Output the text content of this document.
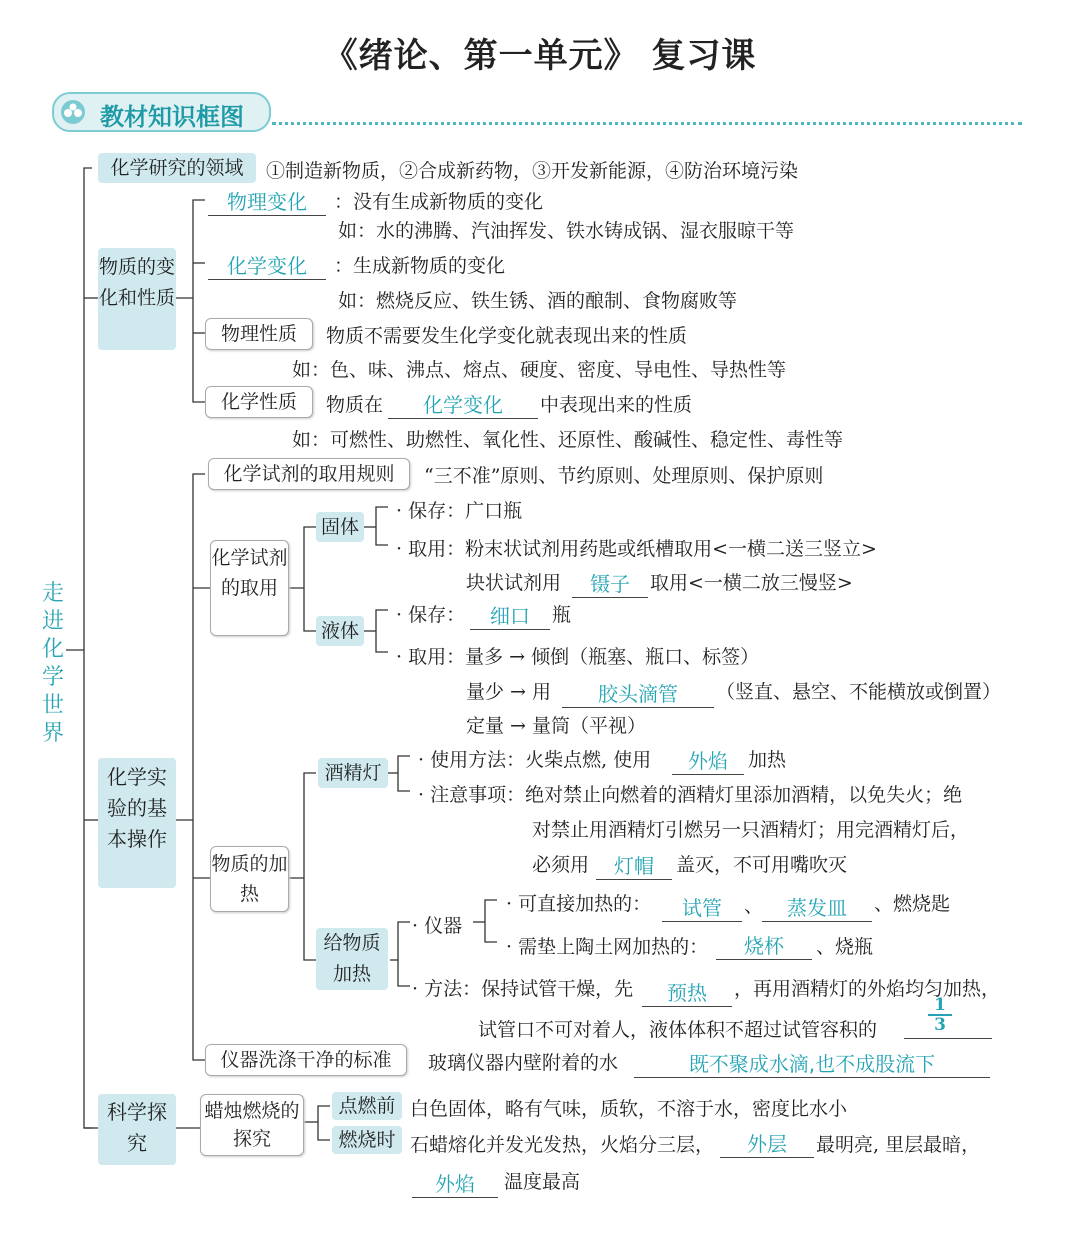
《绪论、第一单元》 复习课
教材知识框图
走进化学世界
化学研究的领域	①制造新物质，②合成新药物，③开发新能源，④防治环境污染
物质的变化和性质
物理变化	：没有生成新物质的变化
如：水的沸腾、汽油挥发、铁水铸成锅、湿衣服晾干等
化学变化	：生成新物质的变化
如：燃烧反应、铁生锈、酒的酿制、食物腐败等
物理性质	物质不需要发生化学变化就表现出来的性质
如：色、味、沸点、熔点、硬度、密度、导电性、导热性等
化学性质	物质在	化学变化	中表现出来的性质
如：可燃性、助燃性、氧化性、还原性、酸碱性、稳定性、毒性等
化学实验的基本操作
化学试剂的取用规则	“三不准”原则、节约原则、处理原则、保护原则
化学试剂的取用
固体
· 保存：广口瓶
· 取用：粉末状试剂用药匙或纸槽取用<一横二送三竖立>
块状试剂用	镊子	取用<一横二放三慢竖>
液体
· 保存：	细口	瓶
· 取用：量多 → 倾倒（瓶塞、瓶口、标签）
量少 → 用	胶头滴管	（竖直、悬空、不能横放或倒置）
定量 → 量筒（平视）
物质的加热
酒精灯
· 使用方法：火柴点燃, 使用	外焰	加热
· 注意事项：绝对禁止向燃着的酒精灯里添加酒精，以免失火；绝
对禁止用酒精灯引燃另一只酒精灯；用完酒精灯后，
必须用	灯帽	盖灭，不可用嘴吹灭
给物质加热
· 仪器
· 可直接加热的：	试管	、	蒸发皿	、燃烧匙
· 需垫上陶土网加热的：	烧杯	、烧瓶
· 方法：保持试管干燥，先	预热	，再用酒精灯的外焰均匀加热，
试管口不可对着人，液体体积不超过试管容积的 $\frac{1}{3}$
仪器洗涤干净的标准	玻璃仪器内壁附着的水	既不聚成水滴,也不成股流下
科学探究
蜡烛燃烧的探究
点燃前 白色固体，略有气味，质软，不溶于水，密度比水小
燃烧时 石蜡熔化并发光发热，火焰分三层，	外层	最明亮, 里层最暗，
外焰	温度最高
